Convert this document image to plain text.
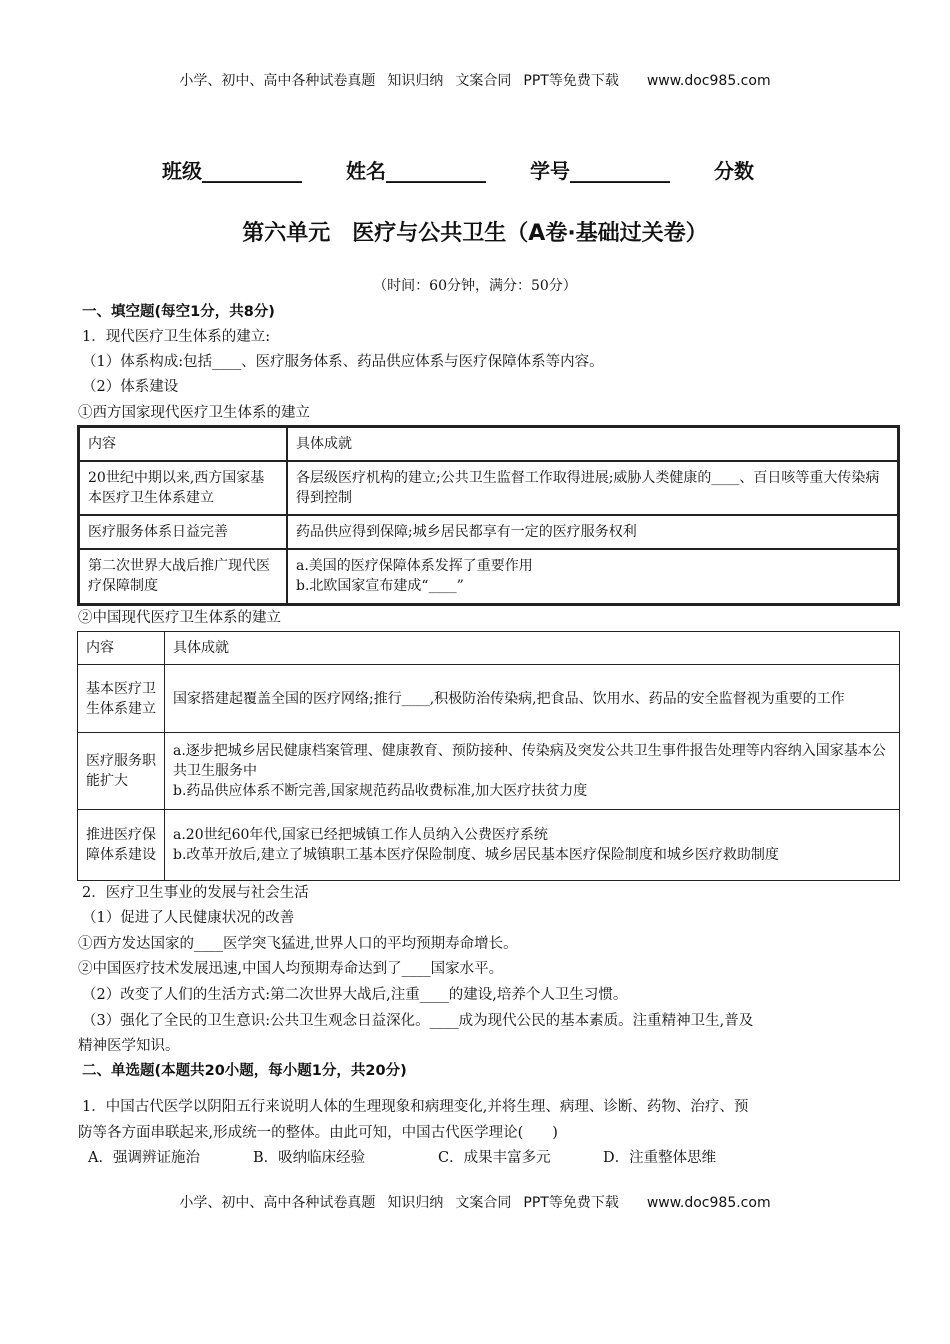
小学、初中、高中各种试卷真题 知识归纳 文案合同 PPT等免费下载 www.doc985.com
班级__________ 姓名__________ 学号__________ 分数
第六单元　医疗与公共卫生（A卷·基础过关卷）
（时间：60分钟，满分：50分）
一、填空题(每空1分，共8分)
1．现代医疗卫生体系的建立:
（1）体系构成:包括____、医疗服务体系、药品供应体系与医疗保障体系等内容。
（2）体系建设
①西方国家现代医疗卫生体系的建立
内容	具体成就
20世纪中期以来,西方国家基本医疗卫生体系建立	各层级医疗机构的建立;公共卫生监督工作取得进展;威胁人类健康的____、百日咳等重大传染病得到控制
医疗服务体系日益完善	药品供应得到保障;城乡居民都享有一定的医疗服务权利
第二次世界大战后推广现代医疗保障制度	a.美国的医疗保障体系发挥了重要作用
b.北欧国家宣布建成“____”
②中国现代医疗卫生体系的建立
内容	具体成就
基本医疗卫生体系建立	国家搭建起覆盖全国的医疗网络;推行____,积极防治传染病,把食品、饮用水、药品的安全监督视为重要的工作
医疗服务职能扩大	a.逐步把城乡居民健康档案管理、健康教育、预防接种、传染病及突发公共卫生事件报告处理等内容纳入国家基本公共卫生服务中
b.药品供应体系不断完善,国家规范药品收费标准,加大医疗扶贫力度

推进医疗保障体系建设	a.20世纪60年代,国家已经把城镇工作人员纳入公费医疗系统
b.改革开放后,建立了城镇职工基本医疗保险制度、城乡居民基本医疗保险制度和城乡医疗救助制度
2．医疗卫生事业的发展与社会生活
（1）促进了人民健康状况的改善
①西方发达国家的____医学突飞猛进,世界人口的平均预期寿命增长。
②中国医疗技术发展迅速,中国人均预期寿命达到了____国家水平。
（2）改变了人们的生活方式:第二次世界大战后,注重____的建设,培养个人卫生习惯。
（3）强化了全民的卫生意识:公共卫生观念日益深化。____成为现代公民的基本素质。注重精神卫生,普及
精神医学知识。
二、单选题(本题共20小题，每小题1分，共20分)
1．中国古代医学以阴阳五行来说明人体的生理现象和病理变化,并将生理、病理、诊断、药物、治疗、预
防等各方面串联起来,形成统一的整体。由此可知，中国古代医学理论(　　)
A．强调辨证施治	B．吸纳临床经验	C．成果丰富多元	D．注重整体思维
小学、初中、高中各种试卷真题 知识归纳 文案合同 PPT等免费下载 www.doc985.com
